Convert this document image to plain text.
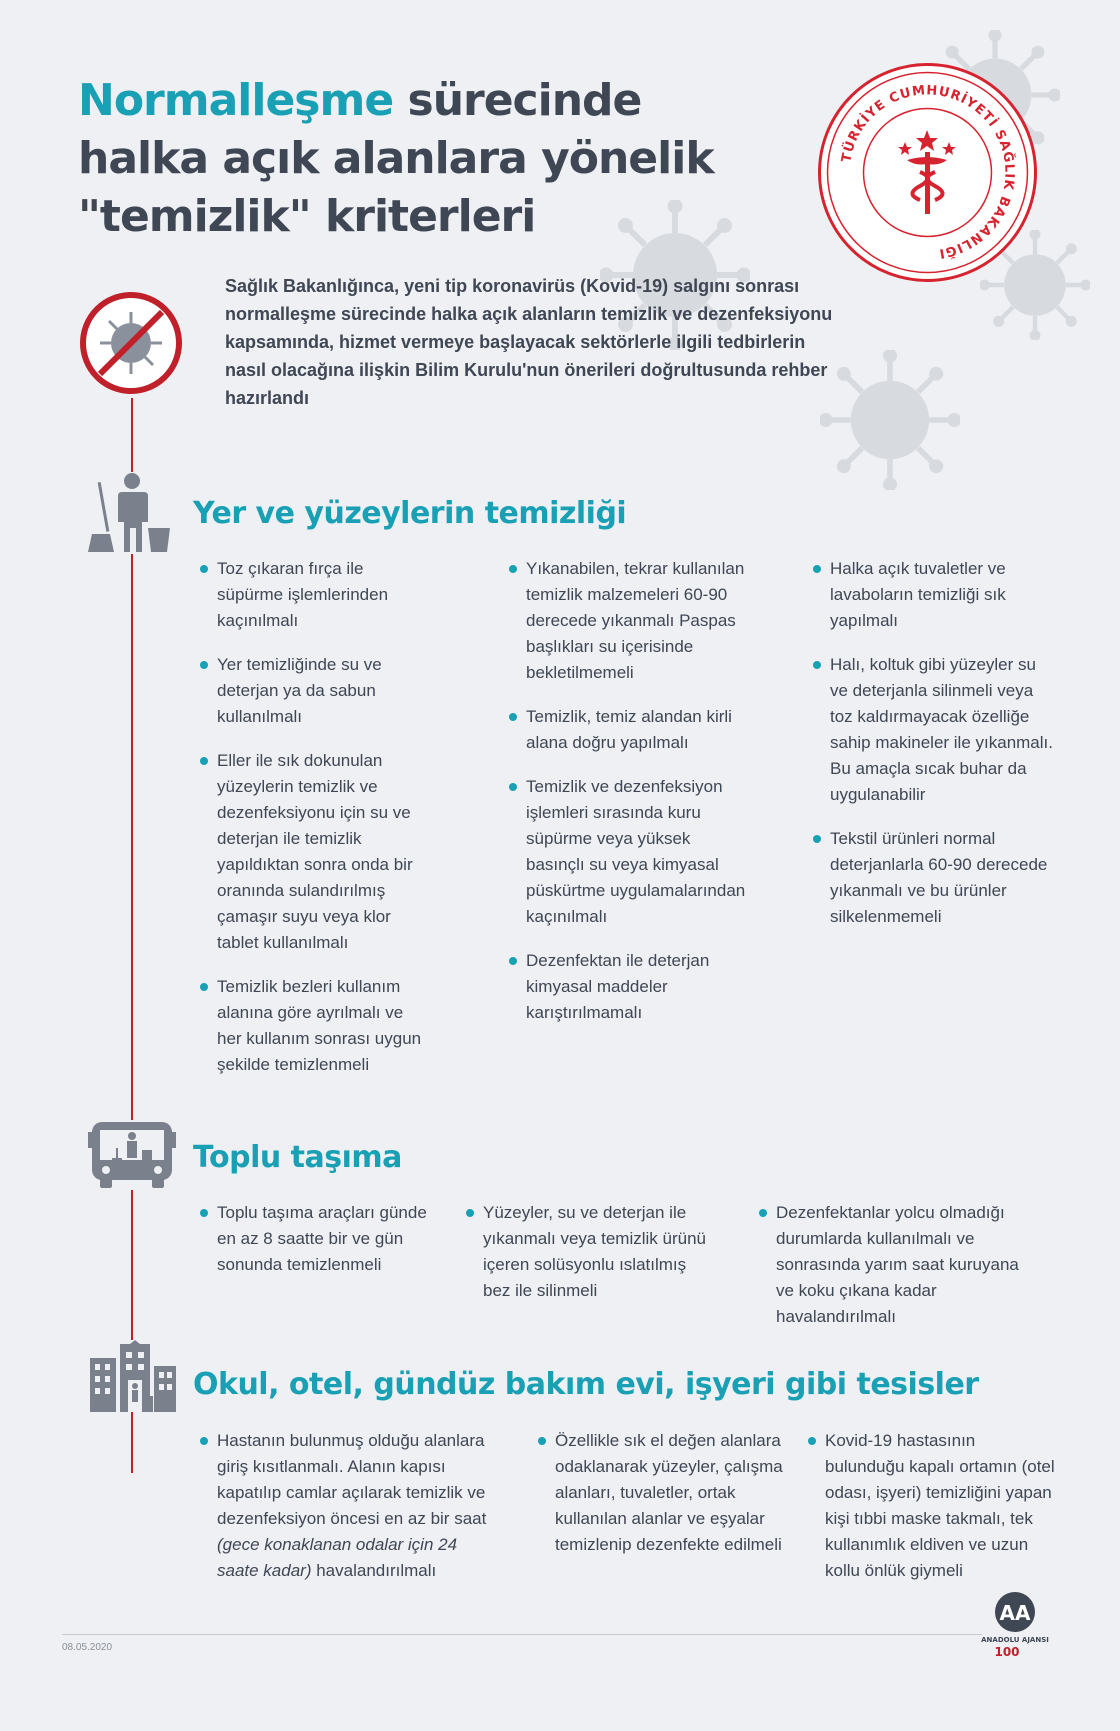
Normalleşme sürecinde
halka açık alanlara yönelik
"temizlik" kriterleri
TÜRKİYE CUMHURİYETİ SAĞLIK BAKANLIĞI

Sağlık Bakanlığınca, yeni tip koronavirüs (Kovid-19) salgını sonrası normalleşme sürecinde halka açık alanların temizlik ve dezenfeksiyonu kapsamında, hizmet vermeye başlayacak sektörlerle ilgili tedbirlerin nasıl olacağına ilişkin Bilim Kurulu'nun önerileri doğrultusunda rehber hazırlandı

Yer ve yüzeylerin temizliği

Toz çıkaran fırça ile süpürme işlemlerinden kaçınılmalı

Yer temizliğinde su ve deterjan ya da sabun kullanılmalı

Eller ile sık dokunulan yüzeylerin temizlik ve dezenfeksiyonu için su ve deterjan ile temizlik yapıldıktan sonra onda bir oranında sulandırılmış çamaşır suyu veya klor tablet kullanılmalı

Temizlik bezleri kullanım alanına göre ayrılmalı ve her kullanım sonrası uygun şekilde temizlenmeli

Yıkanabilen, tekrar kullanılan temizlik malzemeleri 60-90 derecede yıkanmalı Paspas başlıkları su içerisinde bekletilmemeli

Temizlik, temiz alandan kirli alana doğru yapılmalı

Temizlik ve dezenfeksiyon işlemleri sırasında kuru süpürme veya yüksek basınçlı su veya kimyasal püskürtme uygulamalarından kaçınılmalı

Dezenfektan ile deterjan kimyasal maddeler karıştırılmamalı

Halka açık tuvaletler ve lavaboların temizliği sık yapılmalı

Halı, koltuk gibi yüzeyler su ve deterjanla silinmeli veya toz kaldırmayacak özelliğe sahip makineler ile yıkanmalı. Bu amaçla sıcak buhar da uygulanabilir

Tekstil ürünleri normal deterjanlarla 60-90 derecede yıkanmalı ve bu ürünler silkelenmemeli

Toplu taşıma

Toplu taşıma araçları günde en az 8 saatte bir ve gün sonunda temizlenmeli

Yüzeyler, su ve deterjan ile yıkanmalı veya temizlik ürünü içeren solüsyonlu ıslatılmış bez ile silinmeli

Dezenfektanlar yolcu olmadığı durumlarda kullanılmalı ve sonrasında yarım saat kuruyana ve koku çıkana kadar havalandırılmalı

Okul, otel, gündüz bakım evi, işyeri gibi tesisler

Hastanın bulunmuş olduğu alanlara giriş kısıtlanmalı. Alanın kapısı kapatılıp camlar açılarak temizlik ve dezenfeksiyon öncesi en az bir saat (gece konaklanan odalar için 24 saate kadar) havalandırılmalı

Özellikle sık el değen alanlara odaklanarak yüzeyler, çalışma alanları, tuvaletler, ortak kullanılan alanlar ve eşyalar temizlenip dezenfekte edilmeli

Kovid-19 hastasının bulunduğu kapalı ortamın (otel odası, işyeri) temizliğini yapan kişi tıbbi maske takmalı, tek kullanımlık eldiven ve uzun kollu önlük giymeli

08.05.2020
AA
ANADOLU AJANSI
100
